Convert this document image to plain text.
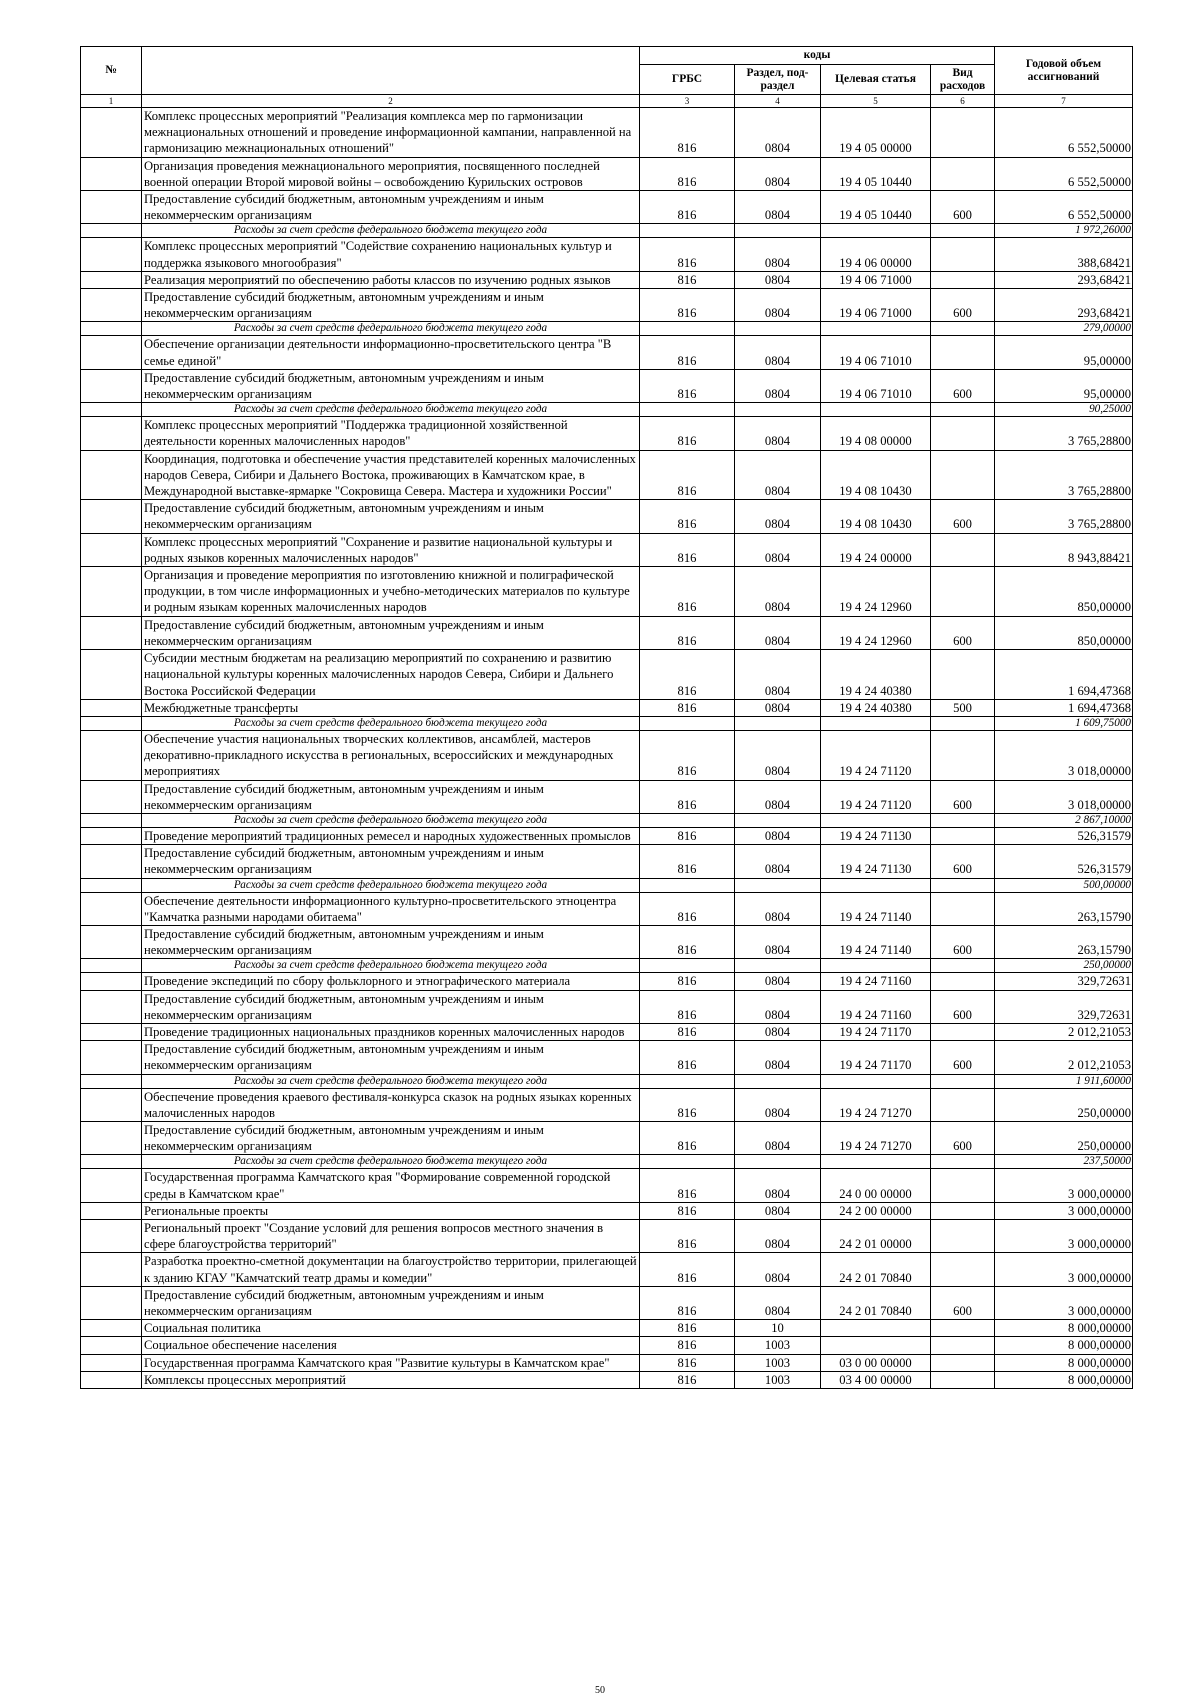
№		коды				Годовой объем ассигнований
		ГРБС	Раздел, под-раздел	Целевая статья	Вид расходов	
1	2	3	4	5	6	7
	Комплекс процессных мероприятий "Реализация комплекса мер по гармонизации межнациональных отношений и проведение информационной кампании, направленной на гармонизацию межнациональных отношений"	816	0804	19 4 05 00000		6 552,50000
	Организация проведения межнационального мероприятия, посвященного последней военной операции Второй мировой войны – освобождению Курильских островов	816	0804	19 4 05 10440		6 552,50000
	Предоставление субсидий бюджетным, автономным учреждениям и иным некоммерческим организациям	816	0804	19 4 05 10440	600	6 552,50000
	Расходы за счет средств федерального бюджета текущего года					1 972,26000
	Комплекс процессных мероприятий "Содействие сохранению национальных культур и поддержка языкового многообразия"	816	0804	19 4 06 00000		388,68421
	Реализация мероприятий по обеспечению работы классов по изучению родных языков	816	0804	19 4 06 71000		293,68421
	Предоставление субсидий бюджетным, автономным учреждениям и иным некоммерческим организациям	816	0804	19 4 06 71000	600	293,68421
	Расходы за счет средств федерального бюджета текущего года					279,00000
	Обеспечение организации деятельности информационно-просветительского центра "В семье единой"	816	0804	19 4 06 71010		95,00000
	Предоставление субсидий бюджетным, автономным учреждениям и иным некоммерческим организациям	816	0804	19 4 06 71010	600	95,00000
	Расходы за счет средств федерального бюджета текущего года					90,25000
	Комплекс процессных мероприятий "Поддержка традиционной хозяйственной деятельности коренных малочисленных народов"	816	0804	19 4 08 00000		3 765,28800
	Координация, подготовка и обеспечение участия представителей коренных малочисленных народов Севера, Сибири и Дальнего Востока, проживающих в Камчатском крае, в Международной выставке-ярмарке "Сокровища Севера. Мастера и художники России"	816	0804	19 4 08 10430		3 765,28800
	Предоставление субсидий бюджетным, автономным учреждениям и иным некоммерческим организациям	816	0804	19 4 08 10430	600	3 765,28800
	Комплекс процессных мероприятий "Сохранение и развитие национальной культуры и родных языков коренных малочисленных народов"	816	0804	19 4 24 00000		8 943,88421
	Организация и проведение мероприятия по изготовлению книжной и полиграфической продукции, в том числе информационных и учебно-методических материалов по культуре и родным языкам коренных малочисленных народов	816	0804	19 4 24 12960		850,00000
	Предоставление субсидий бюджетным, автономным учреждениям и иным некоммерческим организациям	816	0804	19 4 24 12960	600	850,00000
	Субсидии местным бюджетам на реализацию мероприятий по сохранению и развитию национальной культуры коренных малочисленных народов Севера, Сибири и Дальнего Востока Российской Федерации	816	0804	19 4 24 40380		1 694,47368
	Межбюджетные трансферты	816	0804	19 4 24 40380	500	1 694,47368
	Расходы за счет средств федерального бюджета текущего года					1 609,75000
	Обеспечение участия национальных творческих коллективов, ансамблей, мастеров декоративно-прикладного искусства в региональных, всероссийских и международных мероприятиях	816	0804	19 4 24 71120		3 018,00000
	Предоставление субсидий бюджетным, автономным учреждениям и иным некоммерческим организациям	816	0804	19 4 24 71120	600	3 018,00000
	Расходы за счет средств федерального бюджета текущего года					2 867,10000
	Проведение мероприятий традиционных ремесел и народных художественных промыслов	816	0804	19 4 24 71130		526,31579
	Предоставление субсидий бюджетным, автономным учреждениям и иным некоммерческим организациям	816	0804	19 4 24 71130	600	526,31579
	Расходы за счет средств федерального бюджета текущего года					500,00000
	Обеспечение деятельности информационного культурно-просветительского этноцентра "Камчатка разными народами обитаема"	816	0804	19 4 24 71140		263,15790
	Предоставление субсидий бюджетным, автономным учреждениям и иным некоммерческим организациям	816	0804	19 4 24 71140	600	263,15790
	Расходы за счет средств федерального бюджета текущего года					250,00000
	Проведение экспедиций по сбору фольклорного и этнографического материала	816	0804	19 4 24 71160		329,72631
	Предоставление субсидий бюджетным, автономным учреждениям и иным некоммерческим организациям	816	0804	19 4 24 71160	600	329,72631
	Проведение традиционных национальных праздников коренных малочисленных народов	816	0804	19 4 24 71170		2 012,21053
	Предоставление субсидий бюджетным, автономным учреждениям и иным некоммерческим организациям	816	0804	19 4 24 71170	600	2 012,21053
	Расходы за счет средств федерального бюджета текущего года					1 911,60000
	Обеспечение проведения краевого фестиваля-конкурса сказок на родных языках коренных малочисленных народов	816	0804	19 4 24 71270		250,00000
	Предоставление субсидий бюджетным, автономным учреждениям и иным некоммерческим организациям	816	0804	19 4 24 71270	600	250,00000
	Расходы за счет средств федерального бюджета текущего года					237,50000
	Государственная программа Камчатского края "Формирование современной городской среды в Камчатском крае"	816	0804	24 0 00 00000		3 000,00000
	Региональные проекты	816	0804	24 2 00 00000		3 000,00000
	Региональный проект "Создание условий для решения вопросов местного значения в сфере благоустройства территорий"	816	0804	24 2 01 00000		3 000,00000
	Разработка проектно-сметной документации на благоустройство территории, прилегающей к зданию КГАУ "Камчатский театр драмы и комедии"	816	0804	24 2 01 70840		3 000,00000
	Предоставление субсидий бюджетным, автономным учреждениям и иным некоммерческим организациям	816	0804	24 2 01 70840	600	3 000,00000
	Социальная политика	816	10			8 000,00000
	Социальное обеспечение населения	816	1003			8 000,00000
	Государственная программа Камчатского края "Развитие культуры в Камчатском крае"	816	1003	03 0 00 00000		8 000,00000
	Комплексы процессных мероприятий	816	1003	03 4 00 00000		8 000,00000
50
